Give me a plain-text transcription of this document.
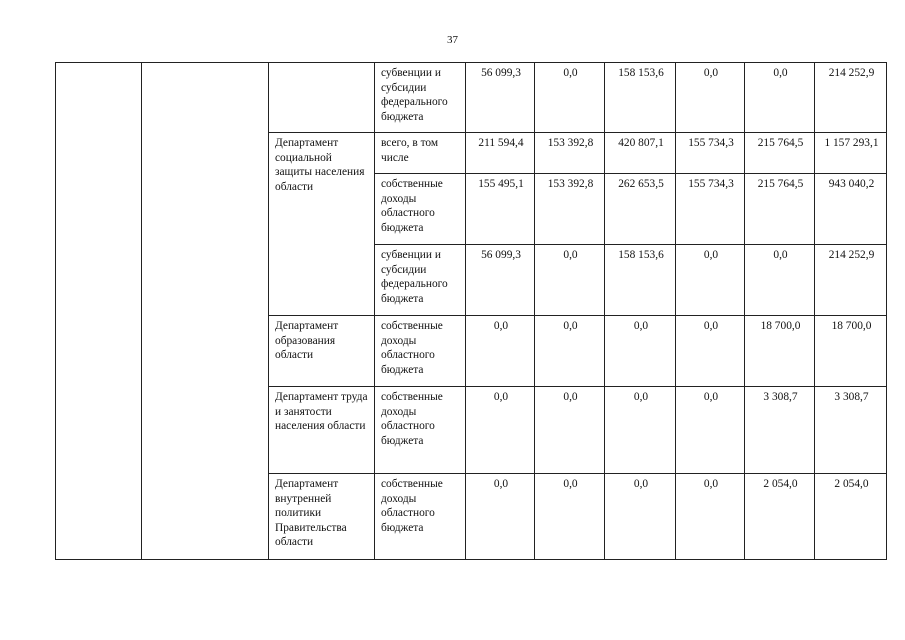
37
			субвенции и субсидии федерального бюджета	56 099,3	0,0	158 153,6	0,0	0,0	214 252,9
		Департамент социальной защиты населения области	всего, в том числе	211 594,4	153 392,8	420 807,1	155 734,3	215 764,5	1 157 293,1
			собственные доходы областного бюджета	155 495,1	153 392,8	262 653,5	155 734,3	215 764,5	943 040,2
			субвенции и субсидии федерального бюджета	56 099,3	0,0	158 153,6	0,0	0,0	214 252,9
		Департамент образования области	собственные доходы областного бюджета	0,0	0,0	0,0	0,0	18 700,0	18 700,0
		Департамент труда и занятости населения области	собственные доходы областного бюджета	0,0	0,0	0,0	0,0	3 308,7	3 308,7
		Департамент внутренней политики Правительства области	собственные доходы областного бюджета	0,0	0,0	0,0	0,0	2 054,0	2 054,0
